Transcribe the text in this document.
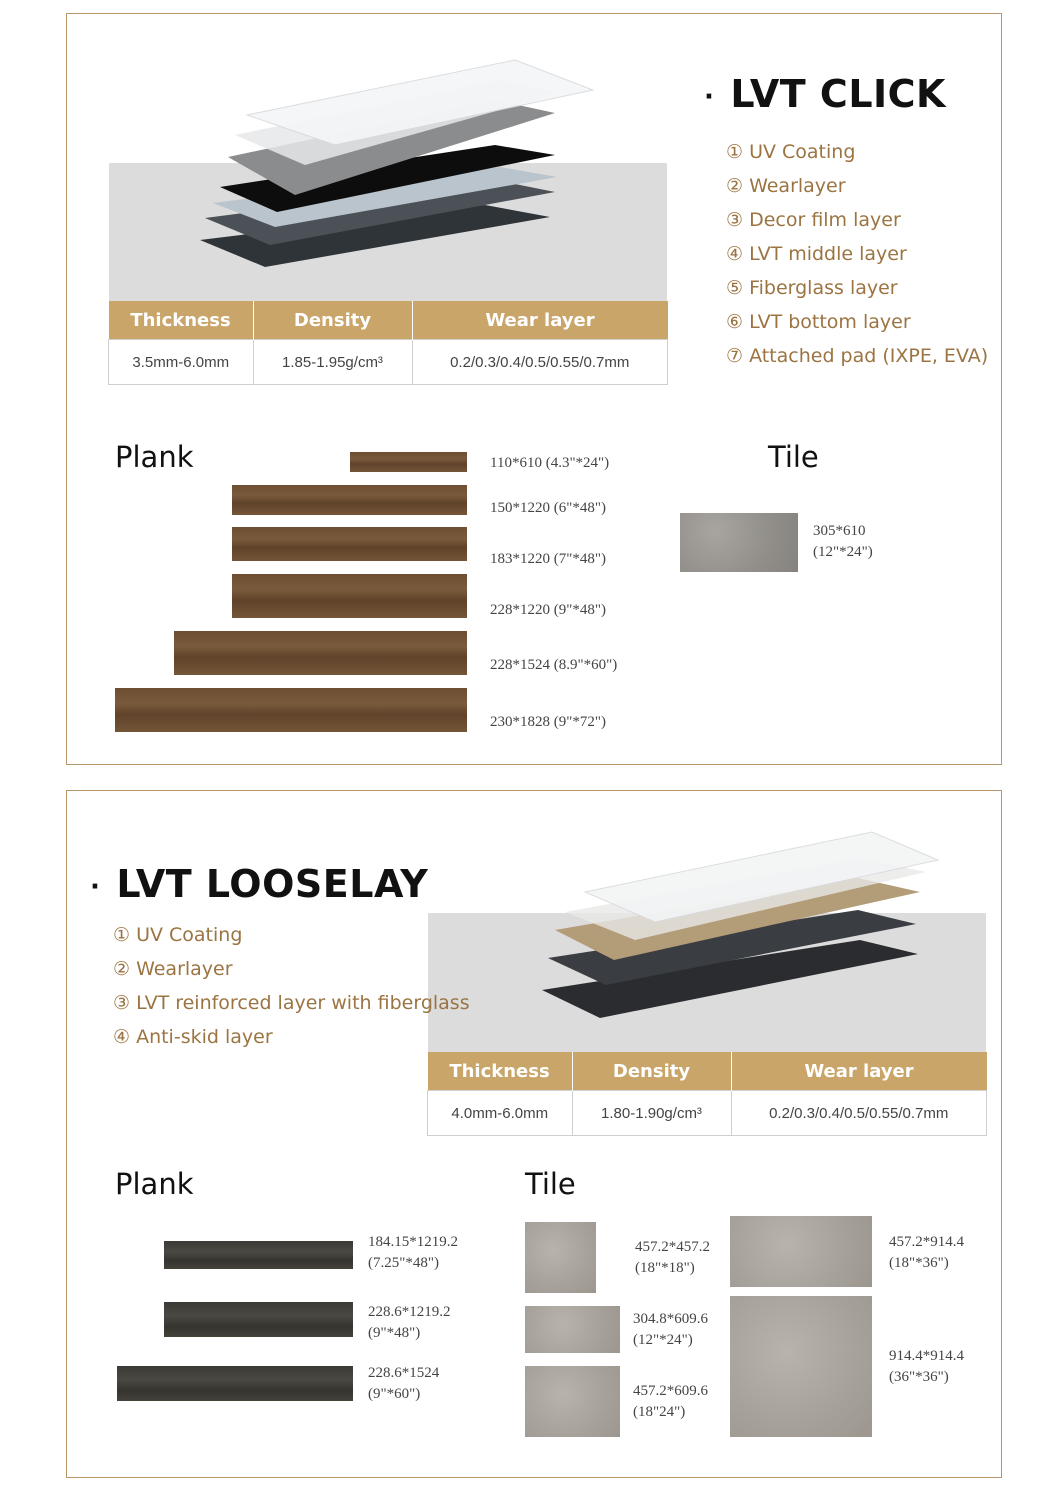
· LVT CLICK
① UV Coating
② Wearlayer
③ Decor film layer
④ LVT middle layer
⑤ Fiberglass layer
⑥ LVT bottom layer
⑦ Attached pad (IXPE, EVA)
Thickness	Density	Wear layer
3.5mm-6.0mm	1.85-1.95g/cm³	0.2/0.3/0.4/0.5/0.55/0.7mm
Plank	Tile
110*610 (4.3"*24")
150*1220 (6"*48")
183*1220 (7"*48")
228*1220 (9"*48")
228*1524 (8.9"*60")
230*1828 (9"*72")
305*610
(12"*24")
· LVT LOOSELAY
① UV Coating
② Wearlayer
③ LVT reinforced layer with fiberglass
④ Anti-skid layer
Thickness	Density	Wear layer
4.0mm-6.0mm	1.80-1.90g/cm³	0.2/0.3/0.4/0.5/0.55/0.7mm
Plank	Tile
184.15*1219.2
(7.25"*48")
228.6*1219.2
(9"*48")
228.6*1524
(9"*60")
457.2*457.2
(18"*18")
304.8*609.6
(12"*24")
457.2*609.6
(18"24")
457.2*914.4
(18"*36")
914.4*914.4
(36"*36")
